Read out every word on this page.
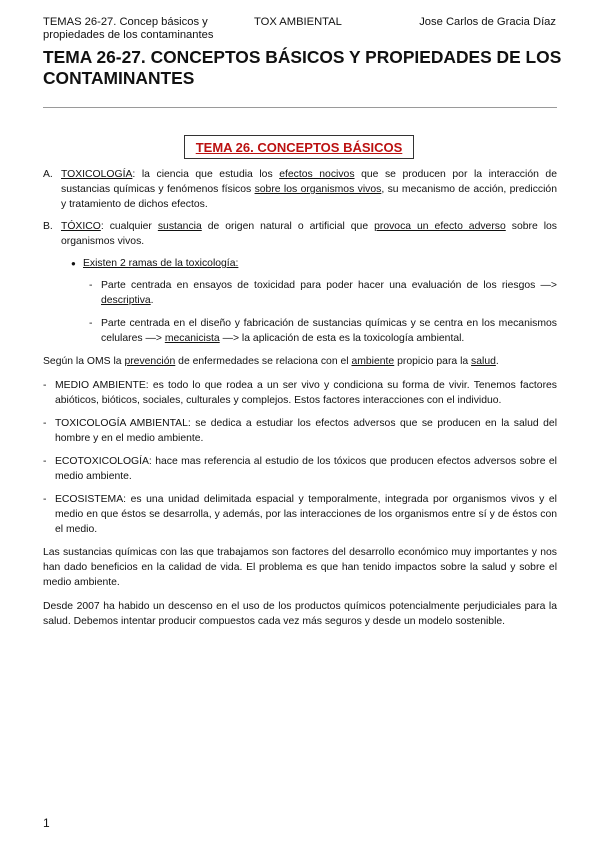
TEMAS 26-27. Concep básicos y propiedades de los contaminantes
TOX AMBIENTAL	Jose Carlos de Gracia Díaz
TEMA 26-27. CONCEPTOS BÁSICOS Y PROPIEDADES DE LOS CONTAMINANTES
TEMA 26. CONCEPTOS BÁSICOS
A. TOXICOLOGÍA: la ciencia que estudia los efectos nocivos que se producen por la interacción de sustancias químicas y fenómenos físicos sobre los organismos vivos, su mecanismo de acción, predicción y tratamiento de dichos efectos.
B. TÓXICO: cualquier sustancia de origen natural o artificial que provoca un efecto adverso sobre los organismos vivos.
● Existen 2 ramas de la toxicología:
- Parte centrada en ensayos de toxicidad para poder hacer una evaluación de los riesgos —> descriptiva.
- Parte centrada en el diseño y fabricación de sustancias químicas y se centra en los mecanismos celulares —> mecanicista —> la aplicación de esta es la toxicología ambiental.
Según la OMS la prevención de enfermedades se relaciona con el ambiente propicio para la salud.
- MEDIO AMBIENTE: es todo lo que rodea a un ser vivo y condiciona su forma de vivir. Tenemos factores abióticos, bióticos, sociales, culturales y complejos. Estos factores interacciones con el individuo.
- TOXICOLOGÍA AMBIENTAL: se dedica a estudiar los efectos adversos que se producen en la salud del hombre y en el medio ambiente.
- ECOTOXICOLOGÍA: hace mas referencia al estudio de los tóxicos que producen efectos adversos sobre el medio ambiente.
- ECOSISTEMA: es una unidad delimitada espacial y temporalmente, integrada por organismos vivos y el medio en que éstos se desarrolla, y además, por las interacciones de los organismos entre sí y de éstos con el medio.
Las sustancias químicas con las que trabajamos son factores del desarrollo económico muy importantes y nos han dado beneficios en la calidad de vida. El problema es que han tenido impactos sobre la salud y sobre el medio ambiente.
Desde 2007 ha habido un descenso en el uso de los productos químicos potencialmente perjudiciales para la salud. Debemos intentar producir compuestos cada vez más seguros y desde un modelo sostenible.
1
